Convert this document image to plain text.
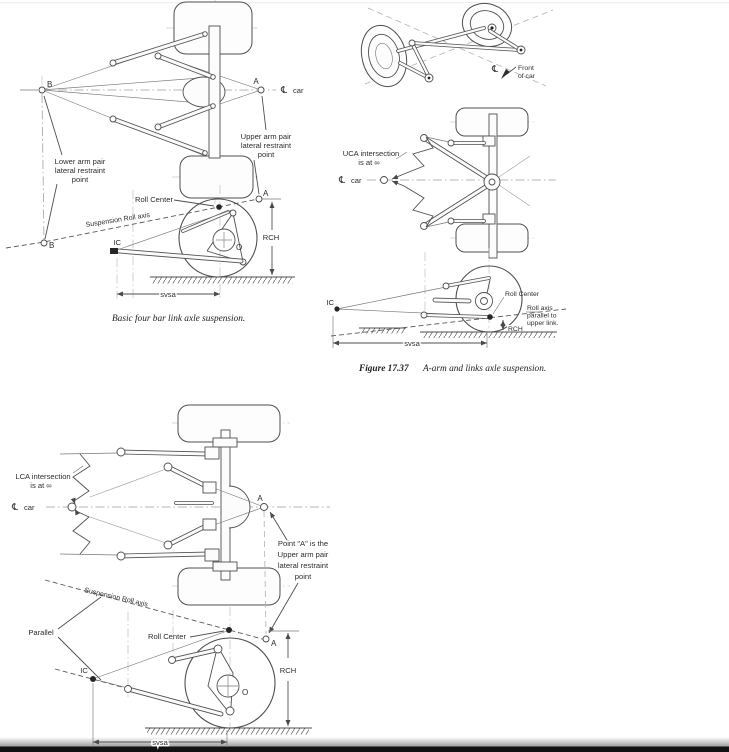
B	A
℄ car
Lower arm pair
lateral restraint
point
Upper arm pair
lateral restraint
point
Suspension Roll axis
B	O
IC
Roll Center
A
RCH
svsa
Basic four bar link axle suspension.
℄	Front
of car
℄ car
UCA intersection
is at ∞
IC
Roll Center
Roll axis
parallel to
upper link.
RCH
svsa
Figure 17.37 A-arm and links axle suspension.
℄ car
LCA intersection
is at ∞
A
Point "A" is the
Upper arm pair
lateral restraint
point
Suspension Roll axis
Parallel
O
IC
Roll Center
A
RCH
svsa
